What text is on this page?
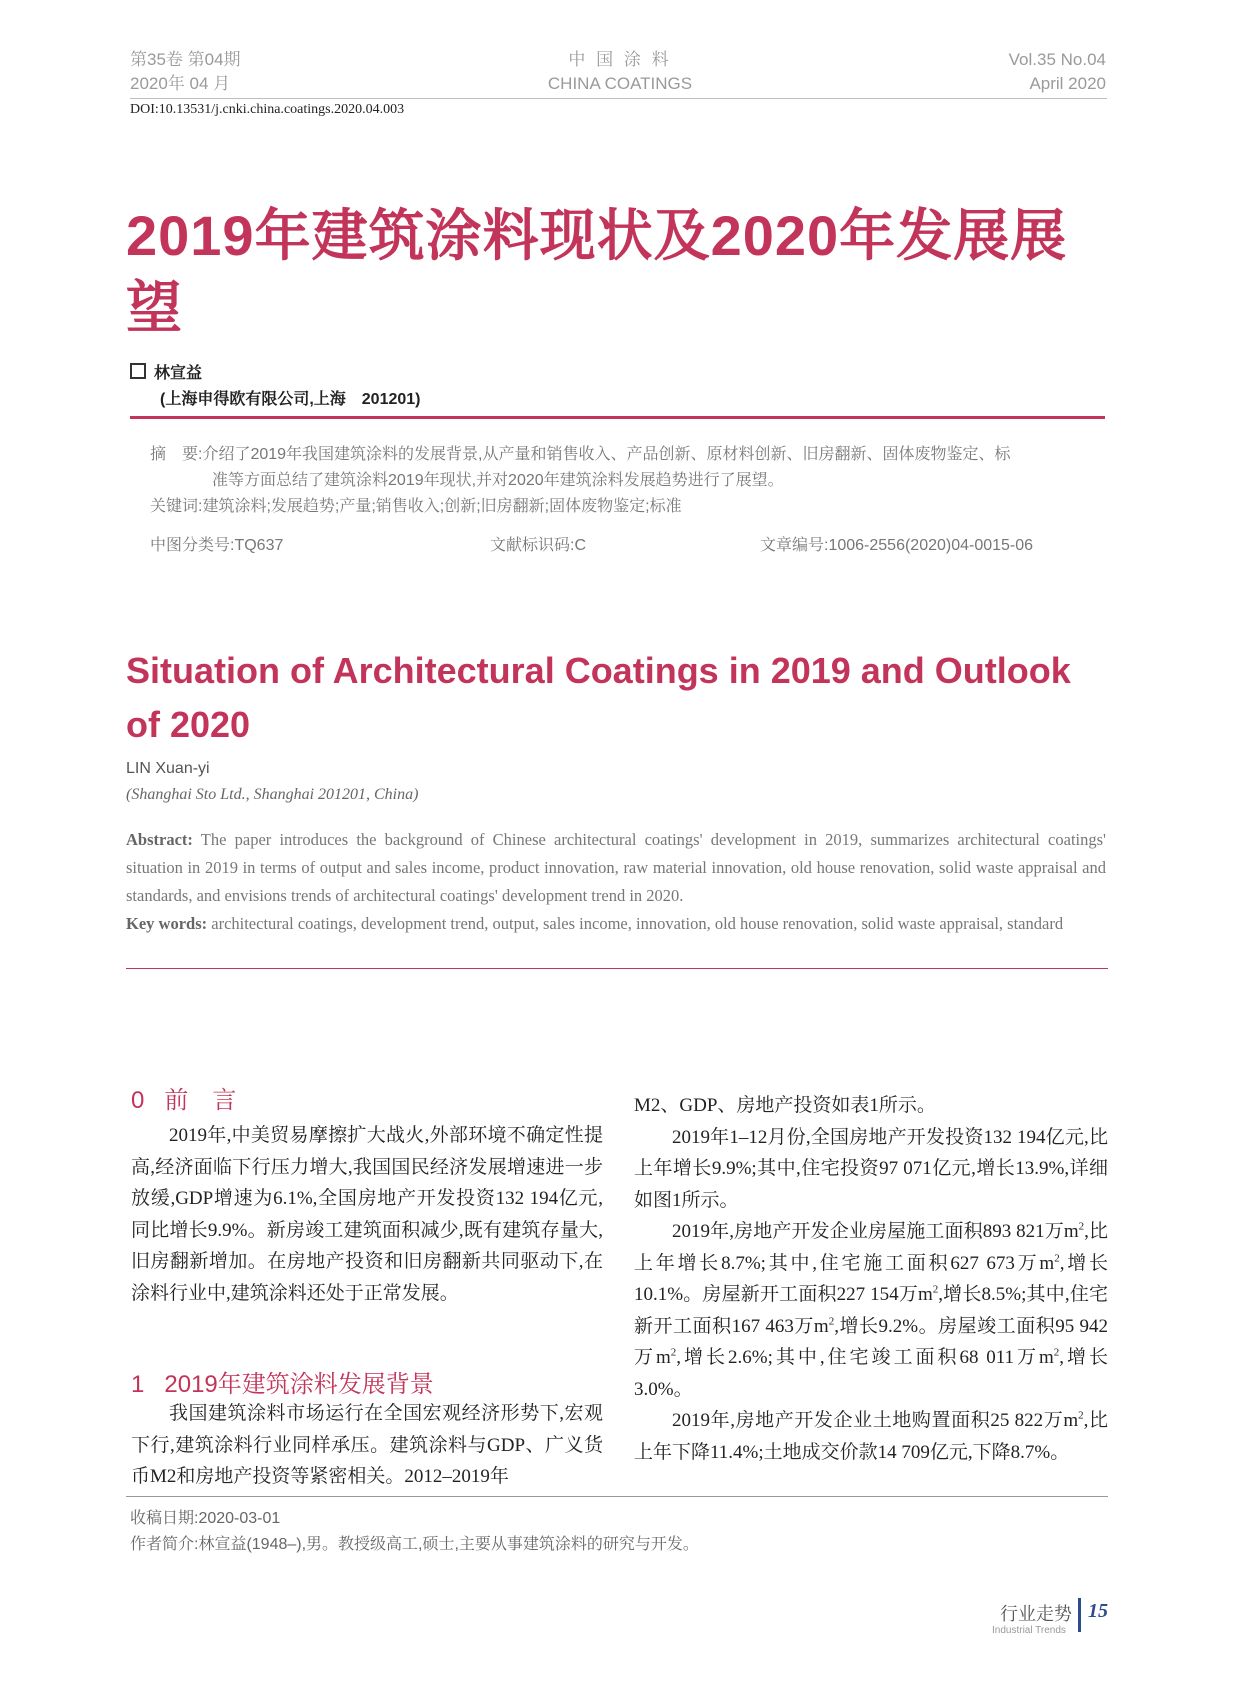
第35卷 第04期
2020年 04 月
中 国 涂 料
CHINA COATINGS
Vol.35 No.04
April 2020
DOI:10.13531/j.cnki.china.coatings.2020.04.003
2019年建筑涂料现状及2020年发展展望
林宣益
(上海申得欧有限公司,上海　201201)
摘　要:介绍了2019年我国建筑涂料的发展背景,从产量和销售收入、产品创新、原材料创新、旧房翻新、固体废物鉴定、标
准等方面总结了建筑涂料2019年现状,并对2020年建筑涂料发展趋势进行了展望。
关键词:建筑涂料;发展趋势;产量;销售收入;创新;旧房翻新;固体废物鉴定;标准
中图分类号:TQ637	文献标识码:C	文章编号:1006-2556(2020)04-0015-06
Situation of Architectural Coatings in 2019 and Outlook of 2020
LIN Xuan-yi
(Shanghai Sto Ltd., Shanghai 201201, China)
Abstract: The paper introduces the background of Chinese architectural coatings' development in 2019, summarizes architectural coatings' situation in 2019 in terms of output and sales income, product innovation, raw material innovation, old house renovation, solid waste appraisal and standards, and envisions trends of architectural coatings' development trend in 2020.
Key words: architectural coatings, development trend, output, sales income, innovation, old house renovation, solid waste appraisal, standard
0 前　言

2019年,中美贸易摩擦扩大战火,外部环境不确定性提高,经济面临下行压力增大,我国国民经济发展增速进一步放缓,GDP增速为6.1%,全国房地产开发投资132 194亿元,同比增长9.9%。新房竣工建筑面积减少,既有建筑存量大,旧房翻新增加。在房地产投资和旧房翻新共同驱动下,在涂料行业中,建筑涂料还处于正常发展。

1 2019年建筑涂料发展背景

我国建筑涂料市场运行在全国宏观经济形势下,宏观下行,建筑涂料行业同样承压。建筑涂料与GDP、广义货币M2和房地产投资等紧密相关。2012–2019年

M2、GDP、房地产投资如表1所示。

2019年1–12月份,全国房地产开发投资132 194亿元,比上年增长9.9%;其中,住宅投资97 071亿元,增长13.9%,详细如图1所示。

2019年,房地产开发企业房屋施工面积893 821万$m^2$,比上年增长8.7%;其中,住宅施工面积627 673万$m^2$,增长10.1%。房屋新开工面积227 154万$m^2$,增长8.5%;其中,住宅新开工面积167 463万$m^2$,增长9.2%。房屋竣工面积95 942万$m^2$,增长2.6%;其中,住宅竣工面积68 011万$m^2$,增长3.0%。

2019年,房地产开发企业土地购置面积25 822万$m^2$,比上年下降11.4%;土地成交价款14 709亿元,下降8.7%。

收稿日期:2020-03-01
作者简介:林宣益(1948–),男。教授级高工,硕士,主要从事建筑涂料的研究与开发。
行业走势
Industrial Trends
15
